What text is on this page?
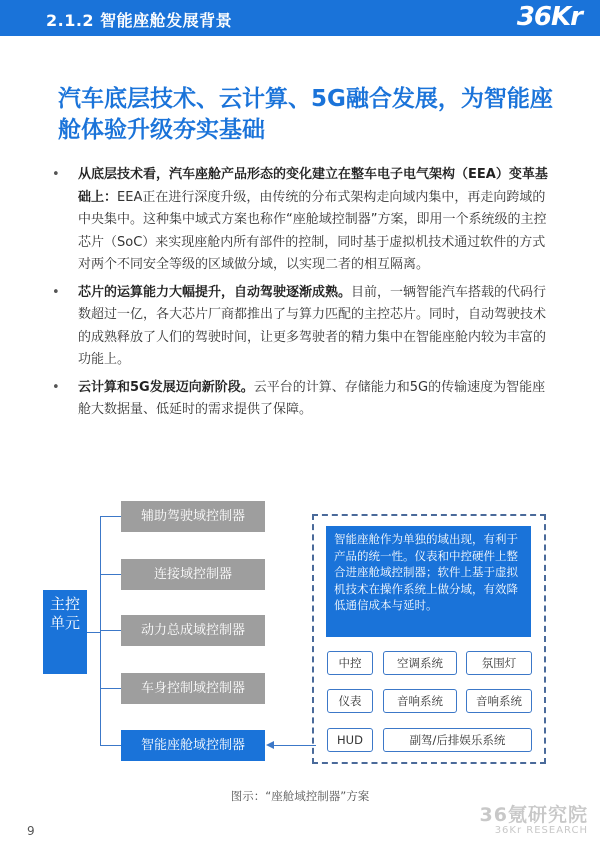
2.1.2 智能座舱发展背景	36Kr
汽车底层技术、云计算、5G融合发展，为智能座舱体验升级夯实基础
• 从底层技术看，汽车座舱产品形态的变化建立在整车电子电气架构（EEA）变革基础上：EEA正在进行深度升级，由传统的分布式架构走向域内集中，再走向跨域的中央集中。这种集中域式方案也称作“座舱域控制器”方案，即用一个系统级的主控芯片（SoC）来实现座舱内所有部件的控制，同时基于虚拟机技术通过软件的方式对两个不同安全等级的区域做分域，以实现二者的相互隔离。
• 芯片的运算能力大幅提升，自动驾驶逐渐成熟。目前，一辆智能汽车搭载的代码行数超过一亿，各大芯片厂商都推出了与算力匹配的主控芯片。同时，自动驾驶技术的成熟释放了人们的驾驶时间，让更多驾驶者的精力集中在智能座舱内较为丰富的功能上。
• 云计算和5G发展迈向新阶段。云平台的计算、存储能力和5G的传输速度为智能座舱大数据量、低延时的需求提供了保障。
主控单元
辅助驾驶域控制器
连接域控制器
动力总成域控制器
车身控制域控制器
智能座舱域控制器
智能座舱作为单独的域出现，有利于产品的统一性。仪表和中控硬件上整合进座舱域控制器；软件上基于虚拟机技术在操作系统上做分域，有效降低通信成本与延时。
中控	空调系统	氛围灯
仪表	音响系统	音响系统
HUD	副驾/后排娱乐系统
图示：“座舱域控制器”方案
9
36氪研究院
36Kr RESEARCH
